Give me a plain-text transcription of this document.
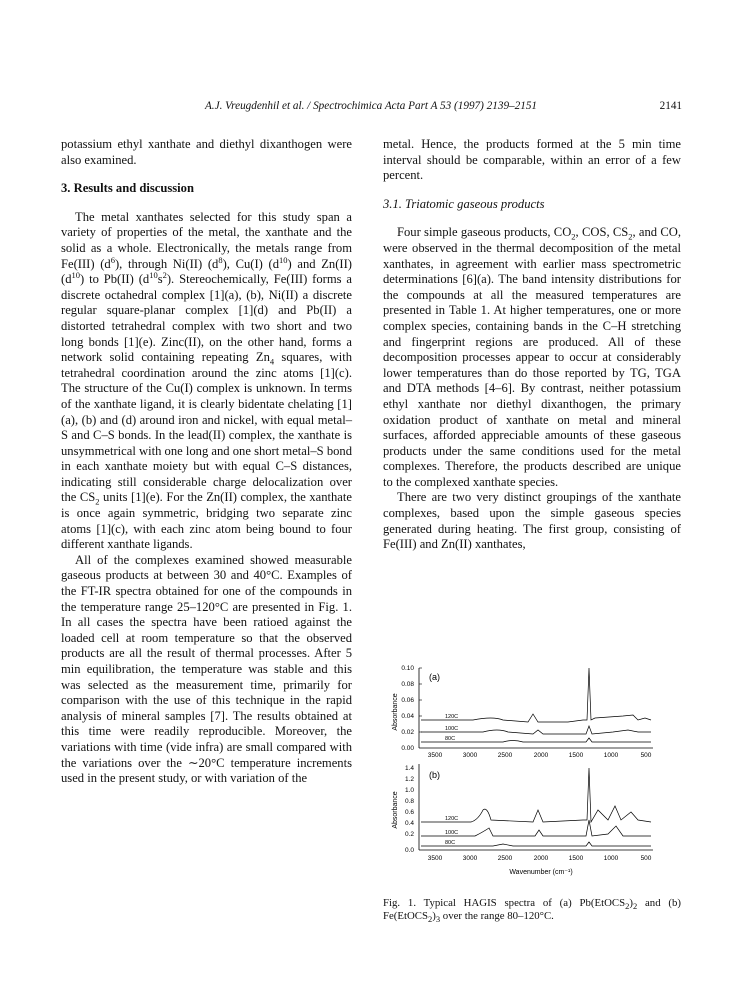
A.J. Vreugdenhil et al. / Spectrochimica Acta Part A 53 (1997) 2139–2151	2141

potassium ethyl xanthate and diethyl dixanthogen were also examined.

3. Results and discussion

The metal xanthates selected for this study span a variety of properties of the metal, the xanthate and the solid as a whole. Electronically, the metals range from Fe(III) $(d^6)$, through Ni(II) $(d^8)$, Cu(I) $(d^{10})$ and Zn(II) $(d^{10})$ to Pb(II) $(d^{10}s^2)$. Stereochemically, Fe(III) forms a discrete octahedral complex [1](a), (b), Ni(II) a discrete regular square-planar complex [1](d) and Pb(II) a distorted tetrahedral complex with two short and two long bonds [1](e). Zinc(II), on the other hand, forms a network solid containing repeating $Zn_4$ squares, with tetrahedral coordination around the zinc atoms [1](c). The structure of the Cu(I) complex is unknown. In terms of the xanthate ligand, it is clearly bidentate chelating [1](a), (b) and (d) around iron and nickel, with equal metal–S and C–S bonds. In the lead(II) complex, the xanthate is unsymmetrical with one long and one short metal–S bond in each xanthate moiety but with equal C–S distances, indicating still considerable charge delocalization over the $CS_2$ units [1](e). For the Zn(II) complex, the xanthate is once again symmetric, bridging two separate zinc atoms [1](c), with each zinc atom being bound to four different xanthate ligands.

All of the complexes examined showed measurable gaseous products at between 30 and 40°C. Examples of the FT-IR spectra obtained for one of the compounds in the temperature range 25–120°C are presented in Fig. 1. In all cases the spectra have been ratioed against the loaded cell at room temperature so that the observed products are all the result of thermal processes. After 5 min equilibration, the temperature was stable and this was selected as the measurement time, primarily for comparison with the use of this technique in the rapid analysis of mineral samples [7]. The results obtained at this time were readily reproducible. Moreover, the variations with time (vide infra) are small compared with the variations over the ∼20°C temperature increments used in the present study, or with variation of the

metal. Hence, the products formed at the 5 min time interval should be comparable, within an error of a few percent.

3.1. Triatomic gaseous products

Four simple gaseous products, $CO_2$, COS, $CS_2$, and CO, were observed in the thermal decomposition of the metal xanthates, in agreement with earlier mass spectrometric determinations [6](a). The band intensity distributions for the compounds at all the measured temperatures are presented in Table 1. At higher temperatures, one or more complex species, containing bands in the C–H stretching and fingerprint regions are produced. All of these decomposition processes appear to occur at considerably lower temperatures than do those reported by TG, TGA and DTA methods [4–6]. By contrast, neither potassium ethyl xanthate nor diethyl dixanthogen, the primary oxidation product of xanthate on metal and mineral surfaces, afforded appreciable amounts of these gaseous products under the same conditions used for the metal complexes. Therefore, the products described are unique to the complexed xanthate species.

There are two very distinct groupings of the xanthate complexes, based upon the simple gaseous species generated during heating. The first group, consisting of Fe(III) and Zn(II) xanthates,

0.10
0.08
0.06
0.04
0.02
0.00
(a)
120C
100C
80C
3500	3000	2500	2000	1500	1000	500
1.4
1.2
1.0
0.8
0.6
0.4
0.2
0.0
(b)
120C
100C
80C
3500	3000	2500	2000	1500	1000	500
Absorbance
Absorbance
Wavenumber (cm⁻¹)
Fig. 1. Typical HAGIS spectra of (a) $Pb(EtOCS_2)_2$ and (b) $Fe(EtOCS_2)_3$ over the range 80–120°C.
